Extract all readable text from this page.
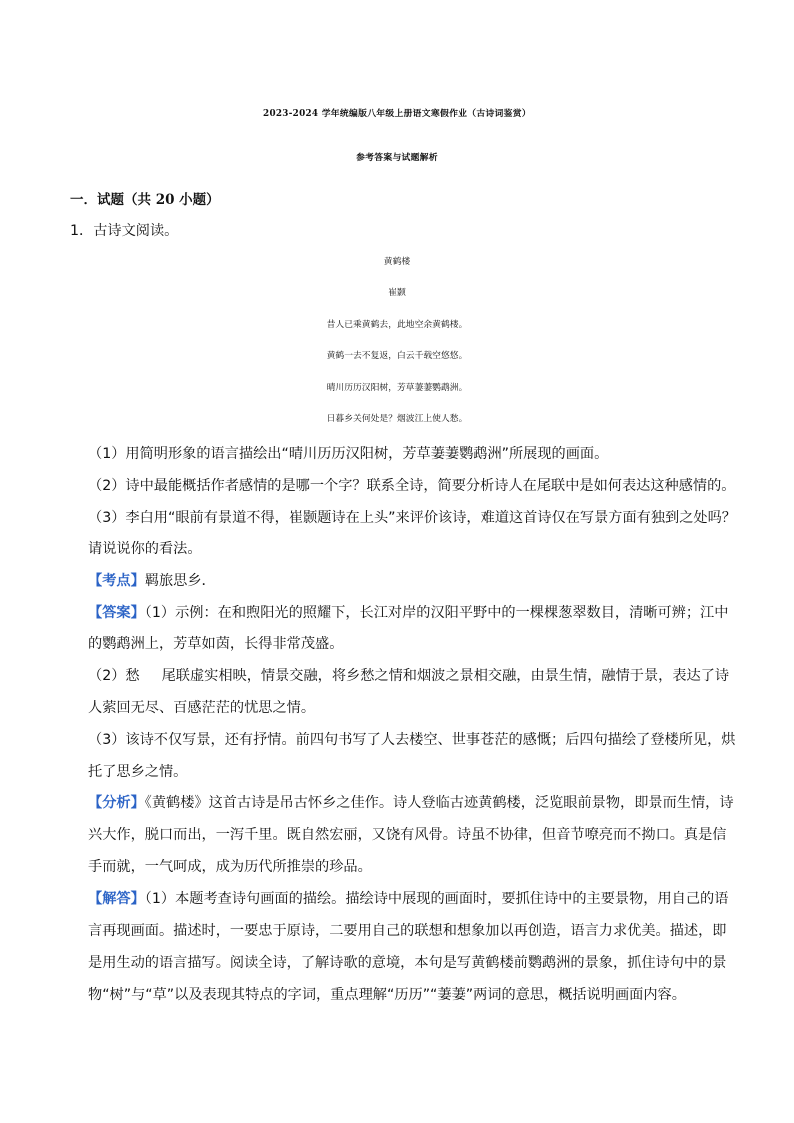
2023-2024 学年统编版八年级上册语文寒假作业（古诗词鉴赏）
参考答案与试题解析

一．试题（共 20 小题）

1．古诗文阅读。

黄鹤楼

崔颢

昔人已乘黄鹤去，此地空余黄鹤楼。

黄鹤一去不复返，白云千载空悠悠。

晴川历历汉阳树，芳草萋萋鹦鹉洲。

日暮乡关何处是？烟波江上使人愁。

（1）用简明形象的语言描绘出“晴川历历汉阳树，芳草萋萋鹦鹉洲”所展现的画面。

（2）诗中最能概括作者感情的是哪一个字？联系全诗，简要分析诗人在尾联中是如何表达这种感情的。

（3）李白用“眼前有景道不得，崔颢题诗在上头”来评价该诗，难道这首诗仅在写景方面有独到之处吗？

请说说你的看法。

【考点】羁旅思乡．

【答案】（1）示例：在和煦阳光的照耀下，长江对岸的汉阳平野中的一棵棵葱翠数目，清晰可辨；江中

的鹦鹉洲上，芳草如茵，长得非常茂盛。

（2）愁 尾联虚实相映，情景交融，将乡愁之情和烟波之景相交融，由景生情，融情于景，表达了诗

人萦回无尽、百感茫茫的忧思之情。

（3）该诗不仅写景，还有抒情。前四句书写了人去楼空、世事苍茫的感慨；后四句描绘了登楼所见，烘

托了思乡之情。

【分析】《黄鹤楼》这首古诗是吊古怀乡之佳作。诗人登临古迹黄鹤楼，泛览眼前景物，即景而生情，诗

兴大作，脱口而出，一泻千里。既自然宏丽，又饶有风骨。诗虽不协律，但音节嘹亮而不拗口。真是信

手而就，一气呵成，成为历代所推崇的珍品。

【解答】（1）本题考查诗句画面的描绘。描绘诗中展现的画面时，要抓住诗中的主要景物，用自己的语

言再现画面。描述时，一要忠于原诗，二要用自己的联想和想象加以再创造，语言力求优美。描述，即

是用生动的语言描写。阅读全诗，了解诗歌的意境，本句是写黄鹤楼前鹦鹉洲的景象，抓住诗句中的景

物“树”与“草”以及表现其特点的字词，重点理解“历历”“萋萋”两词的意思，概括说明画面内容。
